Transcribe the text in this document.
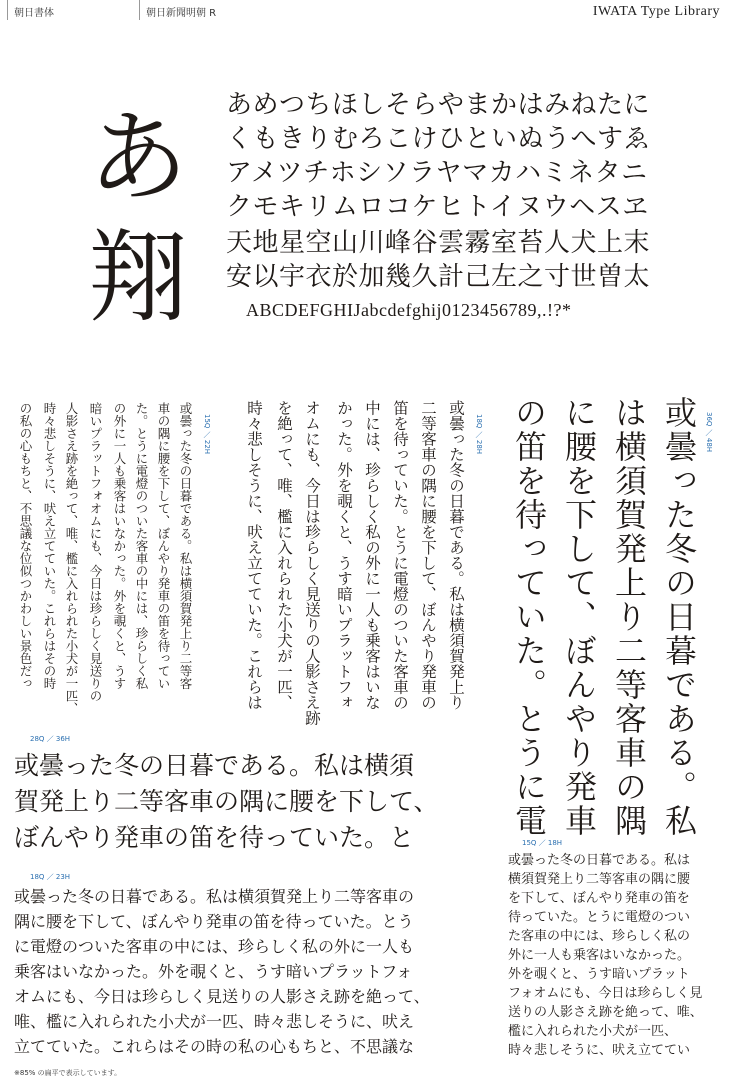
朝日書体	朝日新聞明朝 R	IWATA Type Library
あ
翔
あめつちほしそらやまかはみねたに
くもきりむろこけひといぬうへすゑ
アメツチホシソラヤマカハミネタニ
クモキリムロコケヒトイヌウヘスヱ
天地星空山川峰谷雲霧室苔人犬上末
安以宇衣於加幾久計己左之寸世曽太
ABCDEFGHIJabcdefghij0123456789,.!?*
36Q ／ 48H
或曇った冬の日暮である。私
は横須賀発上り二等客車の隅
に腰を下して、ぼんやり発車
の笛を待っていた。とうに電
18Q ／ 28H
或曇った冬の日暮である。私は横須賀発上り
二等客車の隅に腰を下して、ぼんやり発車の
笛を待っていた。とうに電燈のついた客車の
中には、珍らしく私の外に一人も乗客はいな
かった。外を覗くと、うす暗いプラットフォ
オムにも、今日は珍らしく見送りの人影さえ跡
を絶って、唯、檻に入れられた小犬が一匹、
時々悲しそうに、吠え立てていた。これらは
15Q ／ 22H
或曇った冬の日暮である。私は横須賀発上り二等客
車の隅に腰を下して、ぼんやり発車の笛を待ってい
た。とうに電燈のついた客車の中には、珍らしく私
の外に一人も乗客はいなかった。外を覗くと、うす
暗いプラットフォオムにも、今日は珍らしく見送りの
人影さえ跡を絶って、唯、檻に入れられた小犬が一匹、
時々悲しそうに、吠え立てていた。これらはその時
の私の心もちと、不思議な位似つかわしい景色だっ
28Q ／ 36H
或曇った冬の日暮である。私は横須
賀発上り二等客車の隅に腰を下して、
ぼんやり発車の笛を待っていた。と
18Q ／ 23H
或曇った冬の日暮である。私は横須賀発上り二等客車の
隅に腰を下して、ぼんやり発車の笛を待っていた。とう
に電燈のついた客車の中には、珍らしく私の外に一人も
乗客はいなかった。外を覗くと、うす暗いプラットフォ
オムにも、今日は珍らしく見送りの人影さえ跡を絶って、
唯、檻に入れられた小犬が一匹、時々悲しそうに、吠え
立てていた。これらはその時の私の心もちと、不思議な
15Q ／ 18H
或曇った冬の日暮である。私は
横須賀発上り二等客車の隅に腰
を下して、ぼんやり発車の笛を
待っていた。とうに電燈のつい
た客車の中には、珍らしく私の
外に一人も乗客はいなかった。
外を覗くと、うす暗いプラット
フォオムにも、今日は珍らしく見
送りの人影さえ跡を絶って、唯、
檻に入れられた小犬が一匹、
時々悲しそうに、吠え立ててい
※85% の扁平で表示しています。
